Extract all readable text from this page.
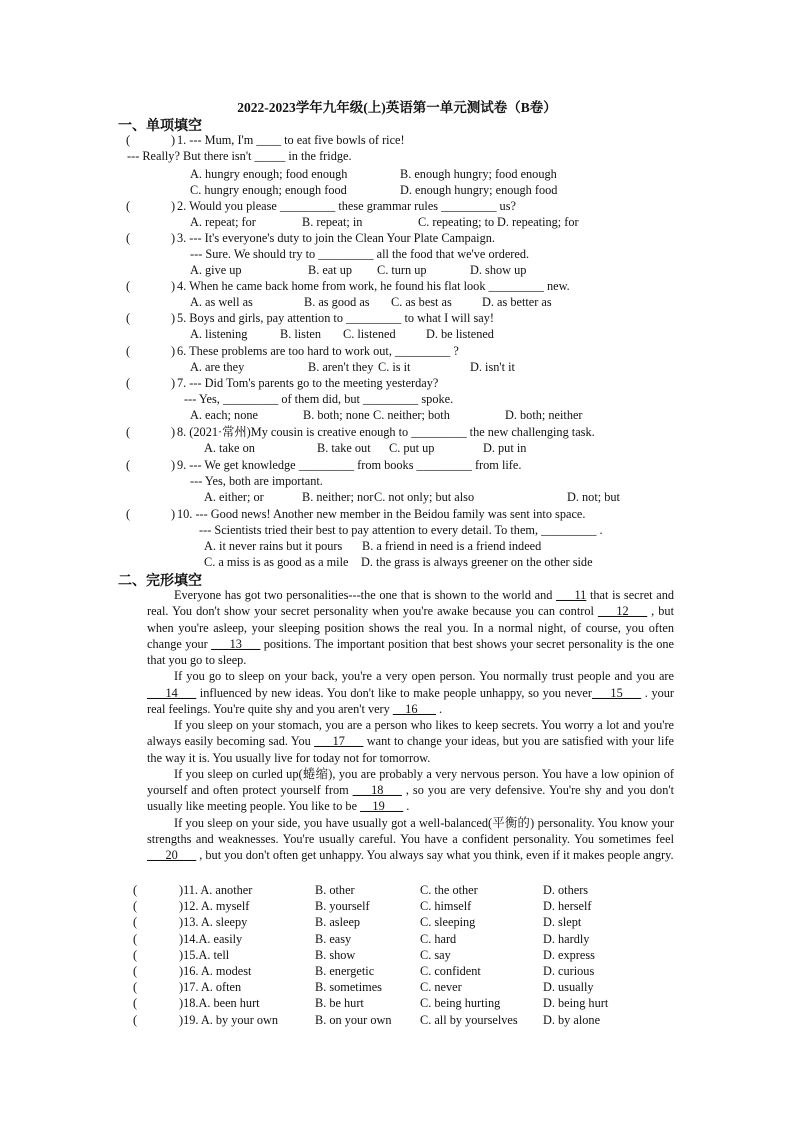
2022-2023学年九年级(上)英语第一单元测试卷（B卷）
一、单项填空
(	) 1. --- Mum, I'm ____ to eat five bowls of rice!
--- Really? But there isn't _____ in the fridge.
A. hungry enough; food enough	B. enough hungry; food enough
C. hungry enough; enough food	D. enough hungry; enough food
(	) 2. Would you please _________ these grammar rules _________ us?
A. repeat; for	B. repeat; in	C. repeating; to D. repeating; for
(	) 3. --- It's everyone's duty to join the Clean Your Plate Campaign.
--- Sure. We should try to _________ all the food that we've ordered.
A. give up	B. eat up C. turn up	D. show up
(	) 4. When he came back home from work, he found his flat look _________ new.
A. as well as	B. as good as C. as best as D. as better as
(	) 5. Boys and girls, pay attention to _________ to what I will say!
A. listening	B. listen C. listened D. be listened
(	) 6. These problems are too hard to work out, _________ ?
A. are they	B. aren't they C. is it	D. isn't it
(	) 7. --- Did Tom's parents go to the meeting yesterday?
--- Yes, _________ of them did, but _________ spoke.
A. each; none	B. both; none C. neither; both	D. both; neither
(	) 8. (2021·常州)My cousin is creative enough to _________ the new challenging task.
A. take on	B. take out C. put up	D. put in
(	) 9. --- We get knowledge _________ from books _________ from life.
--- Yes, both are important.
A. either; or	B. neither; nor C. not only; but also	D. not; but
(	) 10. --- Good news! Another new member in the Beidou family was sent into space.
--- Scientists tried their best to pay attention to every detail. To them, _________ .
A. it never rains but it pours B. a friend in need is a friend indeed
C. a miss is as good as a mile D. the grass is always greener on the other side
二、完形填空

Everyone has got two personalities---the one that is shown to the world and ___11 that is secret and real. You don't show your secret personality when you're awake because you can control ___12___ , but when you're asleep, your sleeping position shows the real you. In a normal night, of course, you often change your ___13___ positions. The important position that best shows your secret personality is the one that you go to sleep.

If you go to sleep on your back, you're a very open person. You normally trust people and you are ___14___ influenced by new ideas. You don't like to make people unhappy, so you never___15___ . your real feelings. You're quite shy and you aren't very __16___ .

If you sleep on your stomach, you are a person who likes to keep secrets. You worry a lot and you're always easily becoming sad. You ___17___ want to change your ideas, but you are satisfied with your life the way it is. You usually live for today not for tomorrow.

If you sleep on curled up(蜷缩), you are probably a very nervous person. You have a low opinion of yourself and often protect yourself from ___18___ , so you are very defensive. You're shy and you don't usually like meeting people. You like to be __19___ .

If you sleep on your side, you have usually got a well-balanced(平衡的) personality. You know your strengths and weaknesses. You're usually careful. You have a confident personality. You sometimes feel ___20___ , but you don't often get unhappy. You always say what you think, even if it makes people angry.

(	)11. A. another	B. other	C. the other	D. others
(	)12. A. myself	B. yourself	C. himself	D. herself
(	)13. A. sleepy	B. asleep	C. sleeping	D. slept
(	)14.A. easily	B. easy	C. hard	D. hardly
(	)15.A. tell	B. show	C. say	D. express
(	)16. A. modest	B. energetic	C. confident	D. curious
(	)17. A. often	B. sometimes	C. never	D. usually
(	)18.A. been hurt	B. be hurt	C. being hurting	D. being hurt
(	)19. A. by your own	B. on your own C. all by yourselves D. by alone
